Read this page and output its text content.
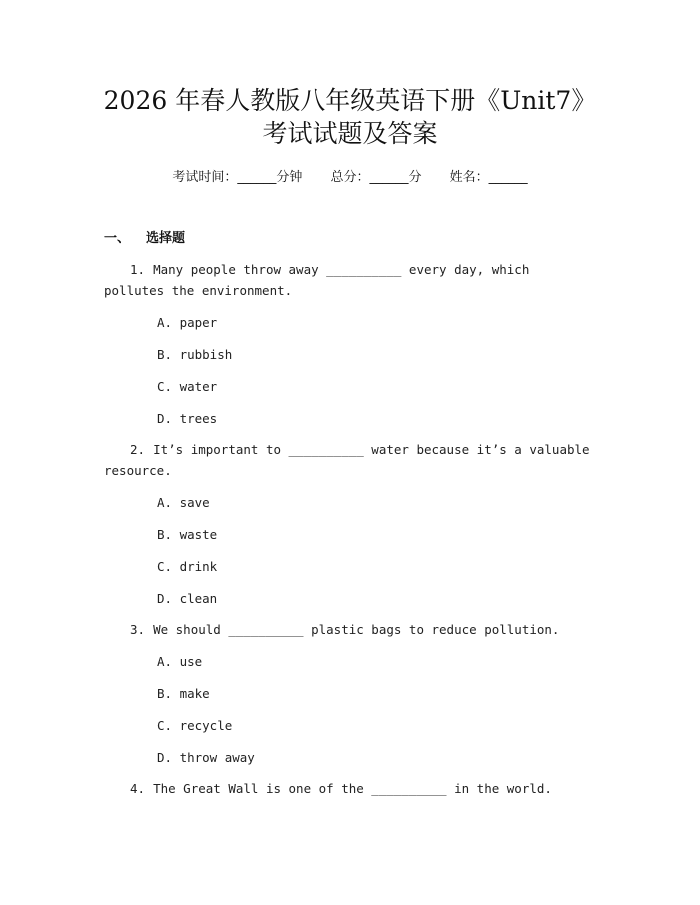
2026 年春人教版八年级英语下册《Unit7》
考试试题及答案
考试时间：______分钟 总分：______分 姓名：______
一、 选择题
1. Many people throw away __________ every day, which pollutes the environment.
A. paper
B. rubbish
C. water
D. trees
2. It’s important to __________ water because it’s a valuable resource.
A. save
B. waste
C. drink
D. clean
3. We should __________ plastic bags to reduce pollution.
A. use
B. make
C. recycle
D. throw away
4. The Great Wall is one of the __________ in the world.
